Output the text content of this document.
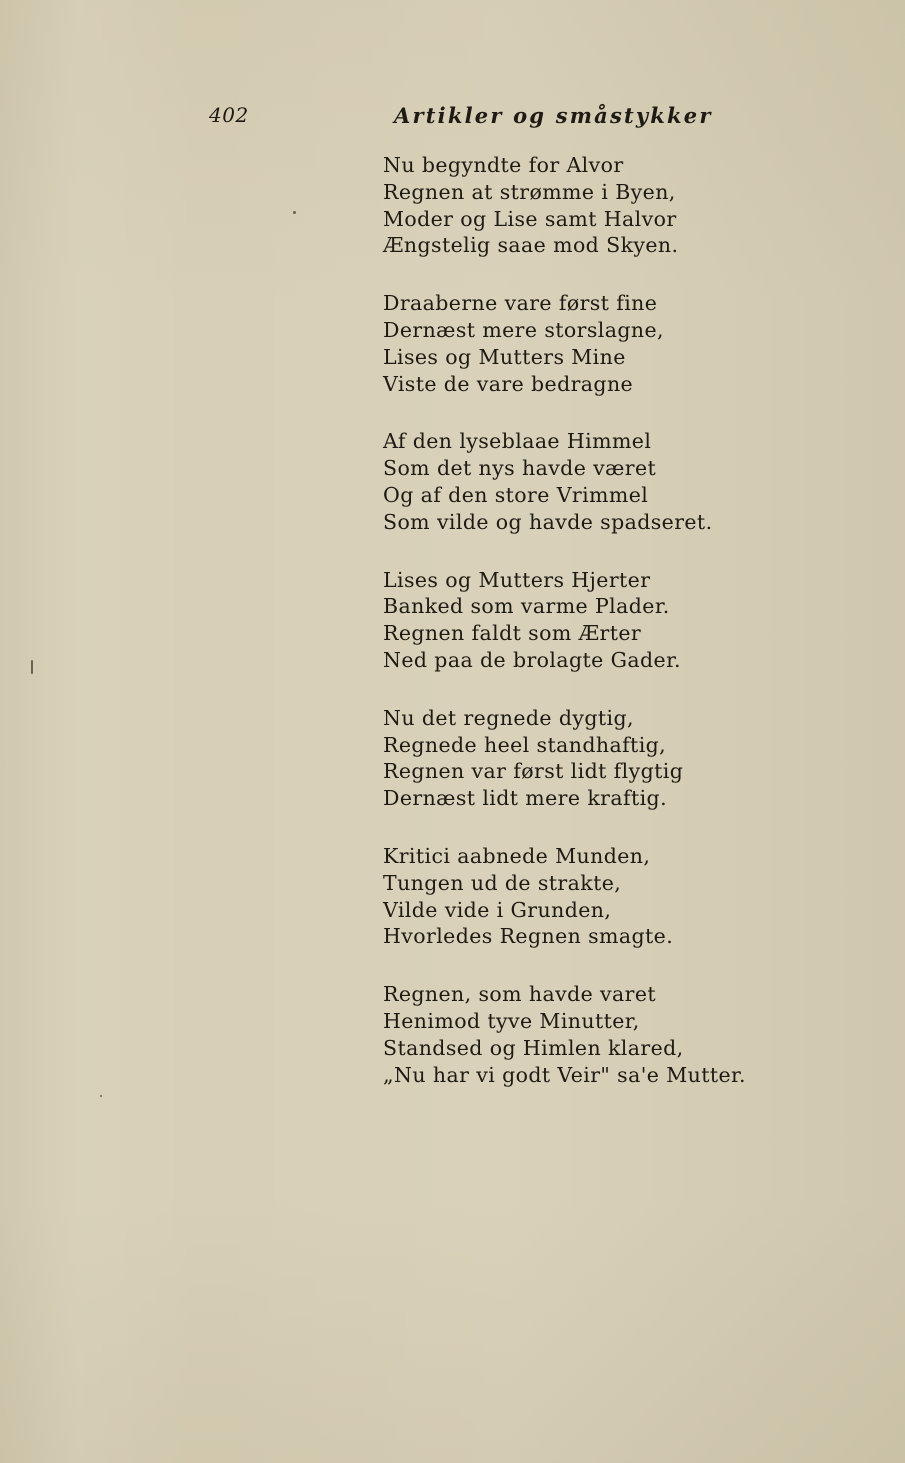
402	Artikler og småstykker
Nu begyndte for Alvor
Regnen at strømme i Byen,
Moder og Lise samt Halvor
Ængstelig saae mod Skyen.
Draaberne vare først fine
Dernæst mere storslagne,
Lises og Mutters Mine
Viste de vare bedragne
Af den lyseblaae Himmel
Som det nys havde været
Og af den store Vrimmel
Som vilde og havde spadseret.
Lises og Mutters Hjerter
Banked som varme Plader.
Regnen faldt som Ærter
Ned paa de brolagte Gader.
Nu det regnede dygtig,
Regnede heel standhaftig,
Regnen var først lidt flygtig
Dernæst lidt mere kraftig.
Kritici aabnede Munden,
Tungen ud de strakte,
Vilde vide i Grunden,
Hvorledes Regnen smagte.
Regnen, som havde varet
Henimod tyve Minutter,
Standsed og Himlen klared,
„Nu har vi godt Veir" sa'e Mutter.
